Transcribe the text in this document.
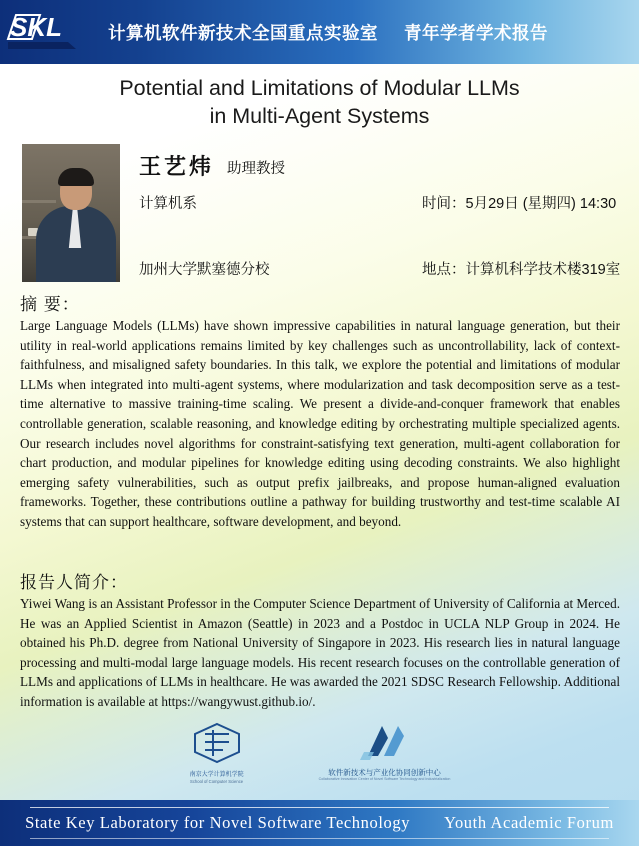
SKL	计算机软件新技术全国重点实验室 青年学者学术报告
Potential and Limitations of Modular LLMs
in Multi-Agent Systems
王艺炜 助理教授
计算机系
加州大学默塞德分校
时间：5月29日 (星期四) 14:30
地点：计算机科学技术楼319室
摘 要：
Large Language Models (LLMs) have shown impressive capabilities in natural language generation, but their utility in real-world applications remains limited by key challenges such as uncontrollability, lack of context-faithfulness, and misaligned safety boundaries. In this talk, we explore the potential and limitations of modular LLMs when integrated into multi-agent systems, where modularization and task decomposition serve as a test-time alternative to massive training-time scaling. We present a divide-and-conquer framework that enables controllable generation, scalable reasoning, and knowledge editing by orchestrating multiple specialized agents. Our research includes novel algorithms for constraint-satisfying text generation, multi-agent collaboration for chart production, and modular pipelines for knowledge editing using decoding constraints. We also highlight emerging safety vulnerabilities, such as output prefix jailbreaks, and propose human-aligned evaluation frameworks. Together, these contributions outline a pathway for building trustworthy and test-time scalable AI systems that can support healthcare, software development, and beyond.
报告人简介：
Yiwei Wang is an Assistant Professor in the Computer Science Department of University of California at Merced. He was an Applied Scientist in Amazon (Seattle) in 2023 and a Postdoc in UCLA NLP Group in 2024. He obtained his Ph.D. degree from National University of Singapore in 2023. His research lies in natural language processing and multi-modal large language models. His recent research focuses on the controllable generation of LLMs and applications of LLMs in healthcare. He was awarded the 2021 SDSC Research Fellowship. Additional information is available at https://wangywust.github.io/.
南京大学计算机学院
School of Computer Science
软件新技术与产业化协同创新中心
Collaborative Innovation Center of Novel Software Technology and Industrialization
State Key Laboratory for Novel Software Technology Youth Academic Forum
